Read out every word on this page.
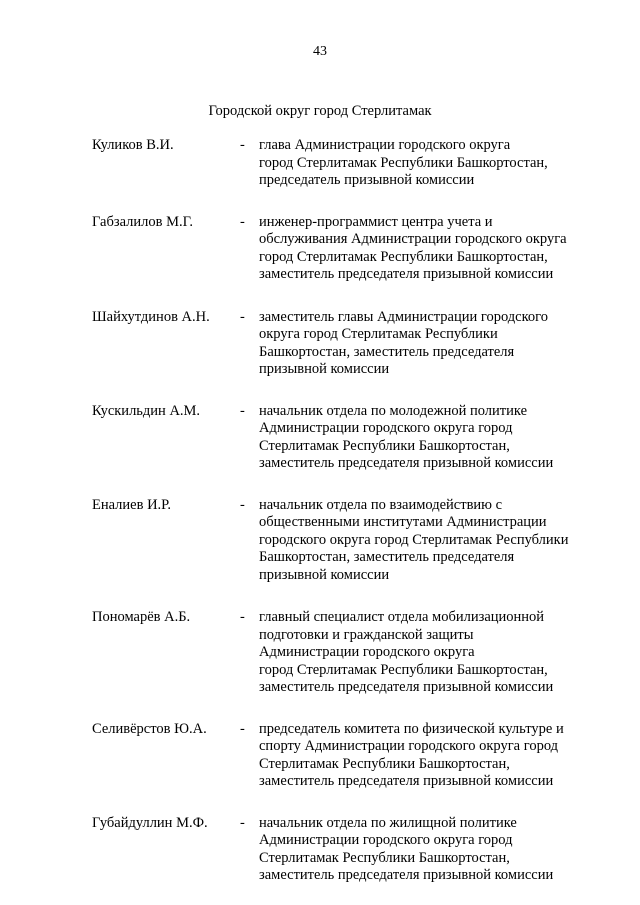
43
Городской округ город Стерлитамак
Куликов В.И.	- глава Администрации городского округа
город Стерлитамак Республики Башкортостан,
председатель призывной комиссии
Габзалилов М.Г.	- инженер-программист центра учета и
обслуживания Администрации городского округа
город Стерлитамак Республики Башкортостан,
заместитель председателя призывной комиссии
Шайхутдинов А.Н.	- заместитель главы Администрации городского
округа город Стерлитамак Республики
Башкортостан, заместитель председателя
призывной комиссии
Кускильдин А.М.	- начальник отдела по молодежной политике
Администрации городского округа город
Стерлитамак Республики Башкортостан,
заместитель председателя призывной комиссии
Еналиев И.Р.	- начальник отдела по взаимодействию с
общественными институтами Администрации
городского округа город Стерлитамак Республики
Башкортостан, заместитель председателя
призывной комиссии
Пономарёв А.Б.	- главный специалист отдела мобилизационной
подготовки и гражданской защиты
Администрации городского округа
город Стерлитамак Республики Башкортостан,
заместитель председателя призывной комиссии
Селивёрстов Ю.А.	- председатель комитета по физической культуре и
спорту Администрации городского округа город
Стерлитамак Республики Башкортостан,
заместитель председателя призывной комиссии
Губайдуллин М.Ф.	- начальник отдела по жилищной политике
Администрации городского округа город
Стерлитамак Республики Башкортостан,
заместитель председателя призывной комиссии
